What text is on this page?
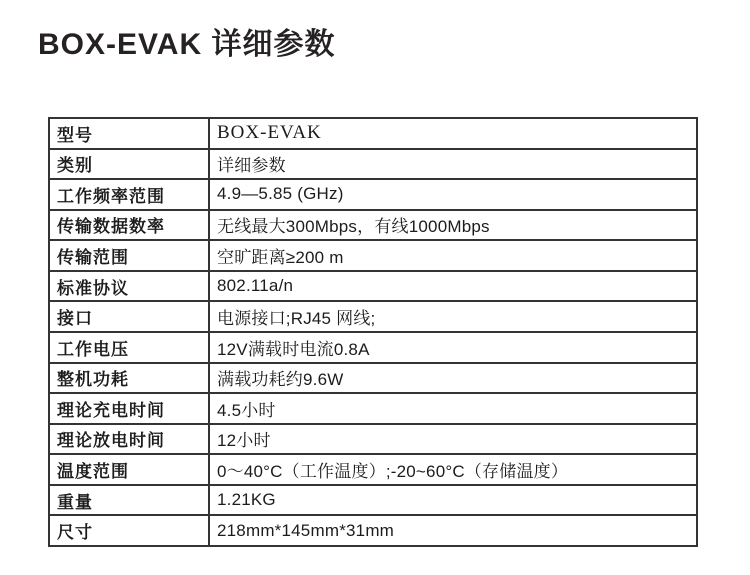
BOX-EVAK 详细参数
型号	BOX-EVAK
类别	详细参数
工作频率范围	4.9—5.85 (GHz)
传输数据数率	无线最大300Mbps，有线1000Mbps
传输范围	空旷距离≥200 m
标准协议	802.11a/n
接口	电源接口;RJ45 网线;
工作电压	12V满载时电流0.8A
整机功耗	满载功耗约9.6W
理论充电时间	4.5小时
理论放电时间	12小时
温度范围	0～40°C（工作温度）;-20~60°C（存储温度）
重量	1.21KG
尺寸	218mm*145mm*31mm
